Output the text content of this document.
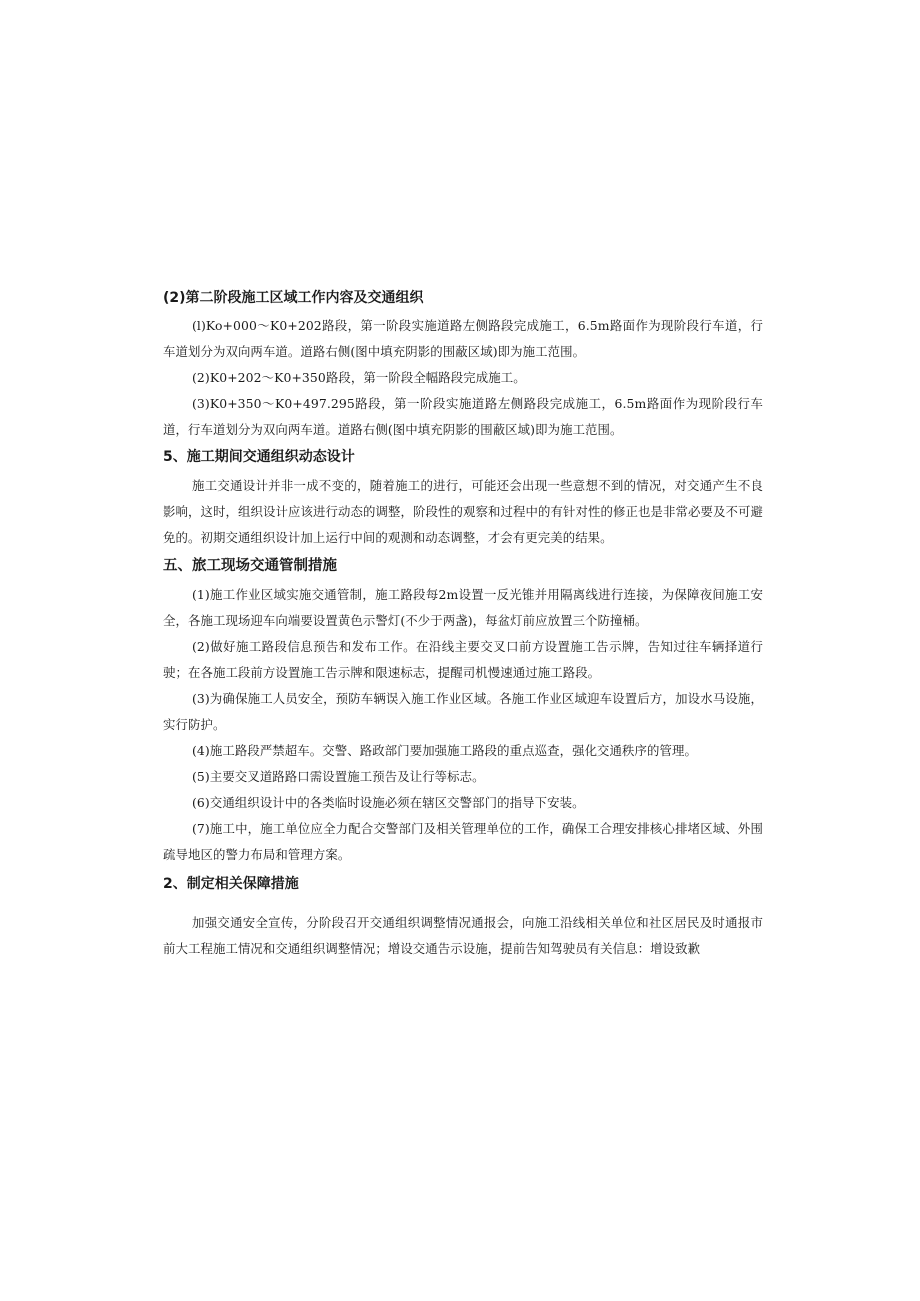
(2)第二阶段施工区域工作内容及交通组织

(l)Ko+000～K0+202路段，第一阶段实施道路左侧路段完成施工，6.5m路面作为现阶段行车道，行车道划分为双向两车道。道路右侧(图中填充阴影的围蔽区域)即为施工范围。

(2)K0+202～K0+350路段，第一阶段全幅路段完成施工。

(3)K0+350～K0+497.295路段，第一阶段实施道路左侧路段完成施工，6.5m路面作为现阶段行车道，行车道划分为双向两车道。道路右侧(图中填充阴影的围蔽区域)即为施工范围。

5、施工期间交通组织动态设计

施工交通设计并非一成不变的，随着施工的进行，可能还会出现一些意想不到的情况，对交通产生不良影响，这时，组织设计应该进行动态的调整，阶段性的观察和过程中的有针对性的修正也是非常必要及不可避免的。初期交通组织设计加上运行中间的观测和动态调整，才会有更完美的结果。

五、旅工现场交通管制措施

(1)施工作业区域实施交通管制，施工路段每2m设置一反光锥并用隔离线进行连接，为保障夜间施工安全，各施工现场迎车向端要设置黄色示警灯(不少于两盏)，每盆灯前应放置三个防撞桶。

(2)做好施工路段信息预告和发布工作。在沿线主要交叉口前方设置施工告示牌，告知过往车辆择道行驶；在各施工段前方设置施工告示牌和限速标志，提醒司机慢速通过施工路段。

(3)为确保施工人员安全，预防车辆误入施工作业区域。各施工作业区域迎车设置后方，加设水马设施，实行防护。

(4)施工路段严禁超车。交警、路政部门要加强施工路段的重点巡查，强化交通秩序的管理。

(5)主要交叉道路路口需设置施工预告及让行等标志。

(6)交通组织设计中的各类临时设施必须在辖区交警部门的指导下安装。

(7)施工中，施工单位应全力配合交警部门及相关管理单位的工作，确保工合理安排核心排堵区域、外围疏导地区的警力布局和管理方案。

2、制定相关保障措施

加强交通安全宣传，分阶段召开交通组织调整情况通报会，向施工沿线相关单位和社区居民及时通报市前大工程施工情况和交通组织调整情况；增设交通告示设施，提前告知驾驶员有关信息：增设致歉
